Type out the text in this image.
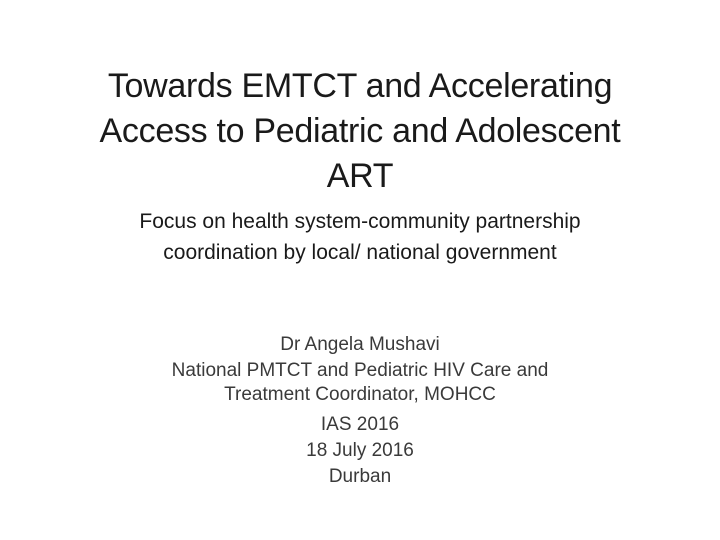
Towards EMTCT and Accelerating
Access to Pediatric and Adolescent
ART
Focus on health system-community partnership
coordination by local/ national government
Dr Angela Mushavi
National PMTCT and Pediatric HIV Care and
Treatment Coordinator, MOHCC
IAS 2016
18 July 2016
Durban
